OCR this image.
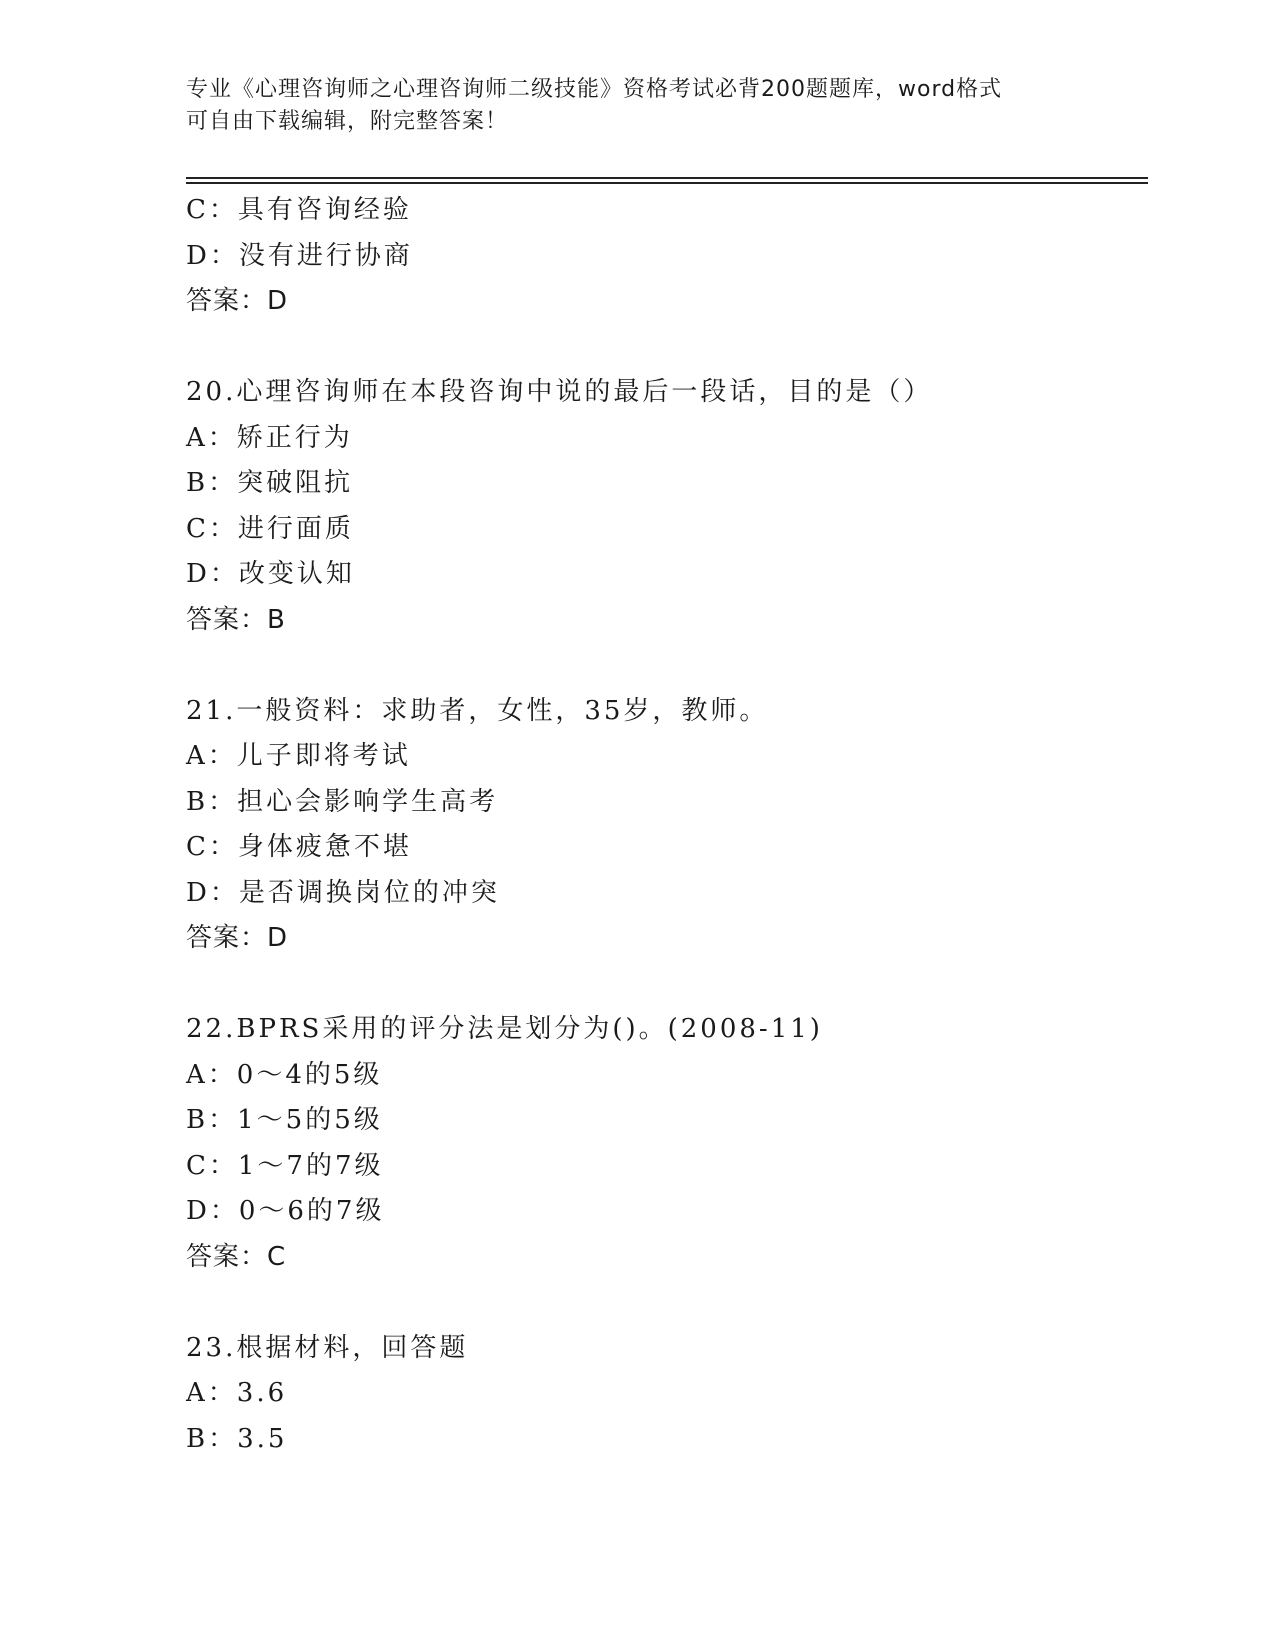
专业《心理咨询师之心理咨询师二级技能》资格考试必背200题题库，word格式
可自由下载编辑，附完整答案！
C：具有咨询经验
D：没有进行协商
答案：D
20.心理咨询师在本段咨询中说的最后一段话，目的是（）
A：矫正行为
B：突破阻抗
C：进行面质
D：改变认知
答案：B
21.一般资料：求助者，女性，35岁，教师。
A：儿子即将考试
B：担心会影响学生高考
C：身体疲惫不堪
D：是否调换岗位的冲突
答案：D
22.BPRS采用的评分法是划分为()。(2008-11)
A：0～4的5级
B：1～5的5级
C：1～7的7级
D：0～6的7级
答案：C
23.根据材料，回答题
A：3.6
B：3.5
